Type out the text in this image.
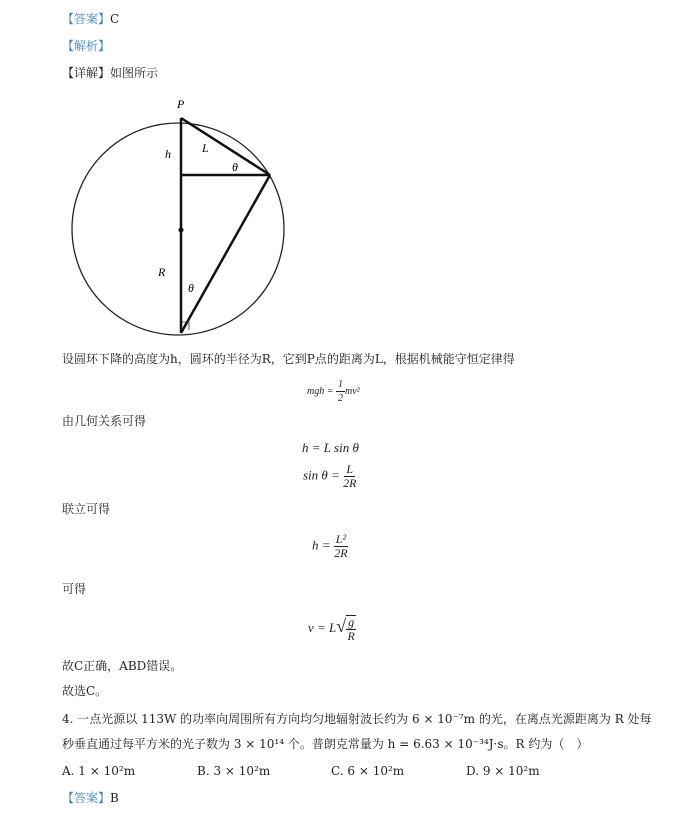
【答案】C
【解析】
【详解】如图所示
P
h	L
θ
R
θ
设圆环下降的高度为h，圆环的半径为R，它到P点的距离为L，根据机械能守恒定律得
mgh = $\frac{1}{2} mv^2$
由几何关系可得
h = L sin θ
$\sin \theta = \frac{L}{2R}$
联立可得
$h = \frac{\text{L²}}{2R}$
可得
$v = L√ \frac{g}{R}$
故C正确，ABD错误。
故选C。
4. 一点光源以 113W 的功率向周围所有方向均匀地辐射波长约为 6 × 10⁻⁷m 的光，在离点光源距离为 R 处每
秒垂直通过每平方米的光子数为 3 × 10¹⁴ 个。普朗克常量为 h = 6.63 × 10⁻³⁴J·s。R 约为（　）
A. 1 × 10²m	B. 3 × 10²m	C. 6 × 10²m	D. 9 × 10²m
【答案】B
